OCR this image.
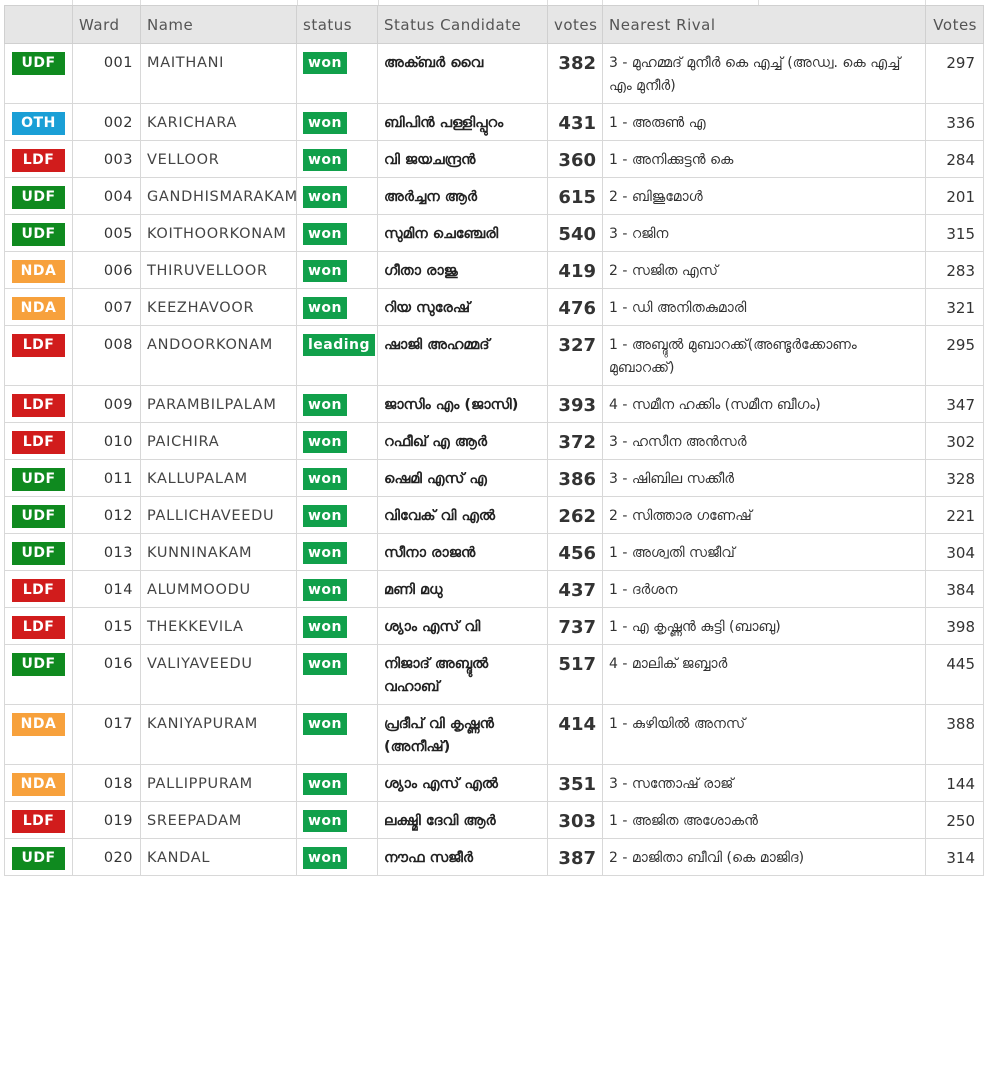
	Ward	Name	status	Status Candidate	votes	Nearest Rival	Votes
UDF	001	MAITHANI	won	അക്ബർ വൈ	382	3 - മുഹമ്മദ് മുനീർ കെ എച്ച് (അഡ്വ. കെ എച്ച് എം മുനീർ)	297
OTH	002	KARICHARA	won	ബിപിൻ പള്ളിപ്പുറം	431	1 - അരുൺ എ	336
LDF	003	VELLOOR	won	വി ജയചന്ദ്രൻ	360	1 - അനിക്കുട്ടൻ കെ	284
UDF	004	GANDHISMARAKAM	won	അർച്ചന ആർ	615	2 - ബിജുമോൾ	201
UDF	005	KOITHOORKONAM	won	സുമിന ചെഞ്ചേരി	540	3 - റജിന	315
NDA	006	THIRUVELLOOR	won	ഗീതാ രാജു	419	2 - സജിത എസ്	283
NDA	007	KEEZHAVOOR	won	റിയ സുരേഷ്	476	1 - ഡി അനിതകുമാരി	321
LDF	008	ANDOORKONAM	leading	ഷാജി അഹമ്മദ്	327	1 - അബ്ദുൽ മുബാറക്ക്(അണ്ടൂർക്കോണം മുബാറക്ക്)	295
LDF	009	PARAMBILPALAM	won	ജാസിം എം (ജാസി)	393	4 - സമീന ഹക്കിം (സമീന ബീഗം)	347
LDF	010	PAICHIRA	won	റഫീഖ് എ ആർ	372	3 - ഹസീന അൻസർ	302
UDF	011	KALLUPALAM	won	ഷെമി എസ് എ	386	3 - ഷിബില സക്കീർ	328
UDF	012	PALLICHAVEEDU	won	വിവേക് വി എൽ	262	2 - സിത്താര ഗണേഷ്	221
UDF	013	KUNNINAKAM	won	സീനാ രാജൻ	456	1 - അശ്വതി സജീവ്	304
LDF	014	ALUMMOODU	won	മണി മധു	437	1 - ദർശന	384
LDF	015	THEKKEVILA	won	ശ്യാം എസ് വി	737	1 - എ കൃഷ്ണൻ കുട്ടി (ബാബു)	398
UDF	016	VALIYAVEEDU	won	നിജാദ് അബ്ദുൽ വഹാബ്	517	4 - മാലിക് ജബ്ബാർ	445
NDA	017	KANIYAPURAM	won	പ്രദീപ് വി കൃഷ്ണൻ (അനീഷ്)	414	1 - കുഴിയിൽ അനസ്	388
NDA	018	PALLIPPURAM	won	ശ്യാം എസ് എൽ	351	3 - സന്തോഷ് രാജ്	144
LDF	019	SREEPADAM	won	ലക്ഷ്മി ദേവി ആർ	303	1 - അജിത അശോകൻ	250
UDF	020	KANDAL	won	നൗഫ സജീർ	387	2 - മാജിതാ ബീവി (കെ മാജിദ)	314
